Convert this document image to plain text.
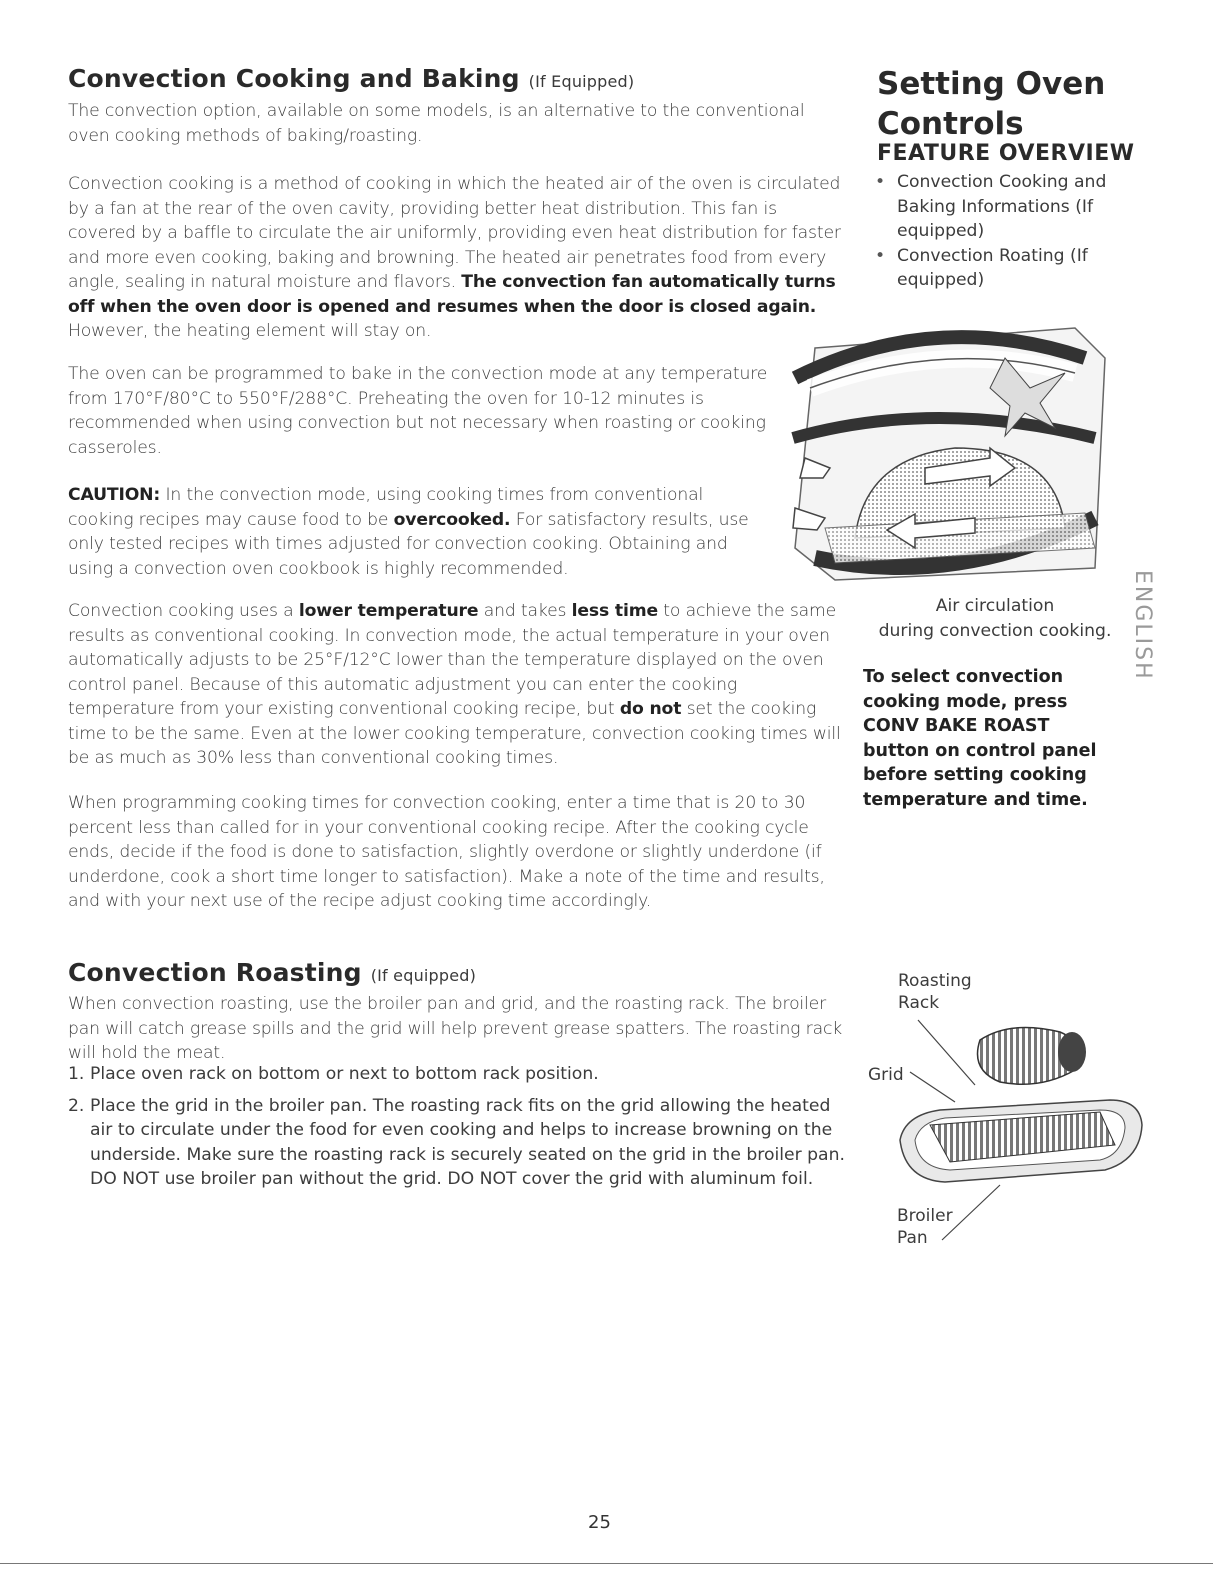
Convection Cooking and Baking (If Equipped)

The convection option, available on some models, is an alternative to the conventional oven cooking methods of baking/roasting.

Convection cooking is a method of cooking in which the heated air of the oven is circulated by a fan at the rear of the oven cavity, providing better heat distribution. This fan is covered by a baffle to circulate the air uniformly, providing even heat distribution for faster and more even cooking, baking and browning. The heated air penetrates food from every angle, sealing in natural moisture and flavors. The convection fan automatically turns off when the oven door is opened and resumes when the door is closed again. However, the heating element will stay on.

The oven can be programmed to bake in the convection mode at any temperature from 170°F/80°C to 550°F/288°C. Preheating the oven for 10-12 minutes is recommended when using convection but not necessary when roasting or cooking casseroles.

CAUTION: In the convection mode, using cooking times from conventional cooking recipes may cause food to be overcooked. For satisfactory results, use only tested recipes with times adjusted for convection cooking. Obtaining and using a convection oven cookbook is highly recommended.

Convection cooking uses a lower temperature and takes less time to achieve the same results as conventional cooking. In convection mode, the actual temperature in your oven automatically adjusts to be 25°F/12°C lower than the temperature displayed on the oven control panel. Because of this automatic adjustment you can enter the cooking temperature from your existing conventional cooking recipe, but do not set the cooking time to be the same. Even at the lower cooking temperature, convection cooking times will be as much as 30% less than conventional cooking times.

When programming cooking times for convection cooking, enter a time that is 20 to 30 percent less than called for in your conventional cooking recipe. After the cooking cycle ends, decide if the food is done to satisfaction, slightly overdone or slightly underdone (if underdone, cook a short time longer to satisfaction). Make a note of the time and results, and with your next use of the recipe adjust cooking time accordingly.

Setting Oven
Controls
FEATURE OVERVIEW
• Convection Cooking and Baking Informations (If equipped)
• Convection Roating (If equipped)
Air circulation
during convection cooking.

To select convection cooking mode, press CONV BAKE ROAST button on control panel before setting cooking temperature and time.

ENGLISH
Convection Roasting (If equipped)

When convection roasting, use the broiler pan and grid, and the roasting rack. The broiler pan will catch grease spills and the grid will help prevent grease spatters. The roasting rack will hold the meat.

1. Place oven rack on bottom or next to bottom rack position.
2. Place the grid in the broiler pan. The roasting rack fits on the grid allowing the heated air to circulate under the food for even cooking and helps to increase browning on the underside. Make sure the roasting rack is securely seated on the grid in the broiler pan. DO NOT use broiler pan without the grid. DO NOT cover the grid with aluminum foil.
Roasting
Rack
Grid
Broiler
Pan
25
